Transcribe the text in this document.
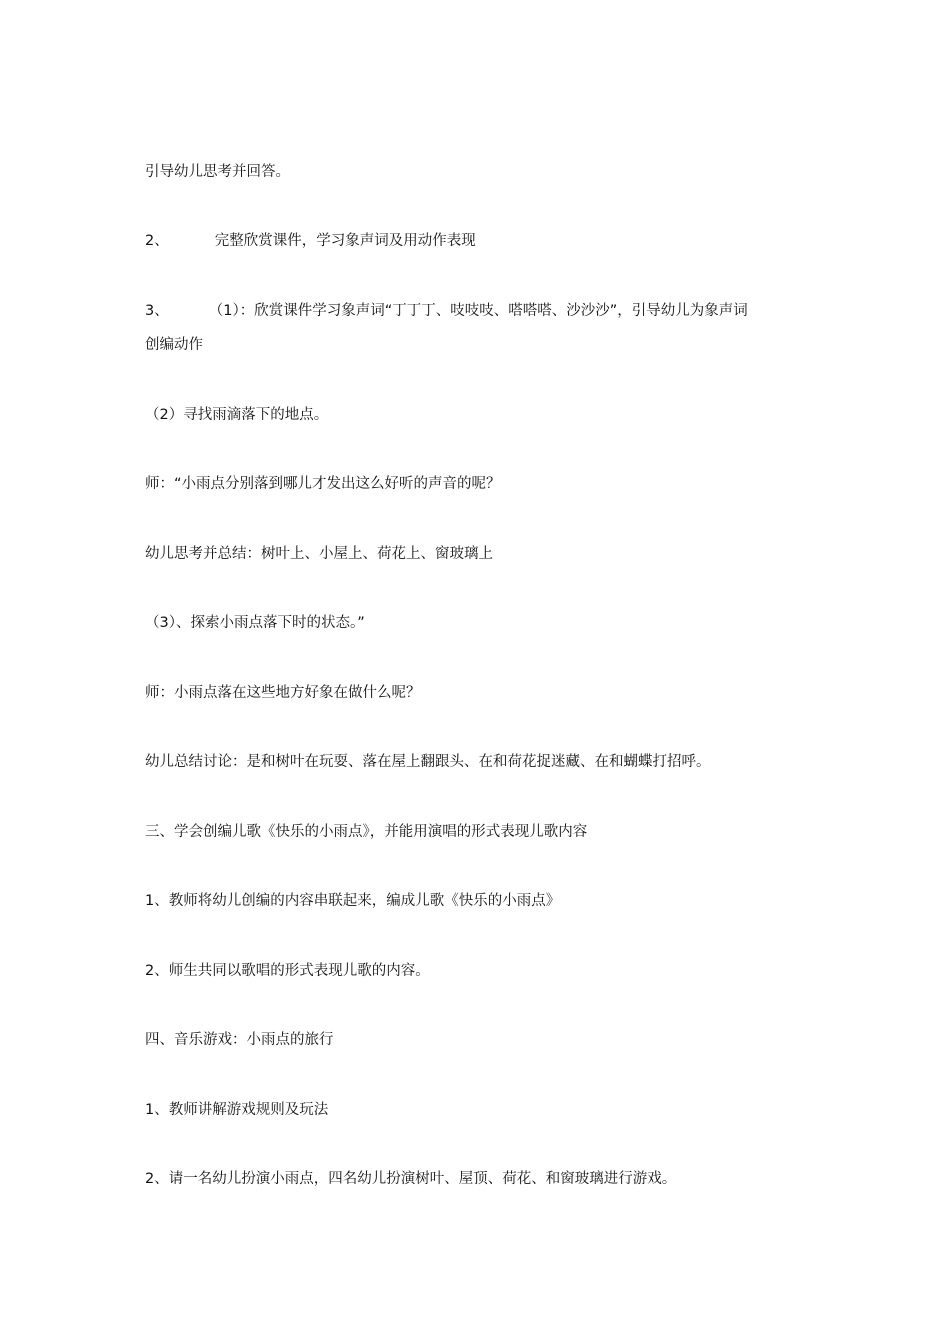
引导幼儿思考并回答。
2、	完整欣赏课件，学习象声词及用动作表现
3、	（1）：欣赏课件学习象声词“丁丁丁、吱吱吱、嗒嗒嗒、沙沙沙”，引导幼儿为象声词
创编动作
（2）寻找雨滴落下的地点。
师：“小雨点分别落到哪儿才发出这么好听的声音的呢？
幼儿思考并总结：树叶上、小屋上、荷花上、窗玻璃上
（3）、探索小雨点落下时的状态。”
师：小雨点落在这些地方好象在做什么呢？
幼儿总结讨论：是和树叶在玩耍、落在屋上翻跟头、在和荷花捉迷藏、在和蝴蝶打招呼。
三、学会创编儿歌《快乐的小雨点》，并能用演唱的形式表现儿歌内容
1、教师将幼儿创编的内容串联起来，编成儿歌《快乐的小雨点》
2、师生共同以歌唱的形式表现儿歌的内容。
四、音乐游戏：小雨点的旅行
1、教师讲解游戏规则及玩法
2、请一名幼儿扮演小雨点，四名幼儿扮演树叶、屋顶、荷花、和窗玻璃进行游戏。
